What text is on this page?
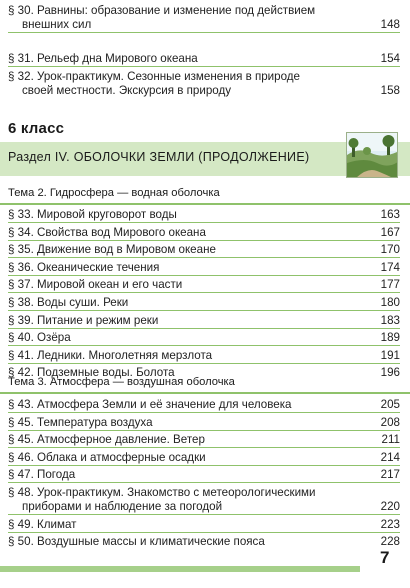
§ 30. Равнины: образование и изменение под действием
внешних сил	148
§ 31. Рельеф дна Мирового океана	154
§ 32. Урок-практикум. Сезонные изменения в природе
своей местности. Экскурсия в природу	158
6 класс
Раздел IV. ОБОЛОЧКИ ЗЕМЛИ (ПРОДОЛЖЕНИЕ)
Тема 2. Гидросфера — водная оболочка
§ 33. Мировой круговорот воды	163
§ 34. Свойства вод Мирового океана	167
§ 35. Движение вод в Мировом океане	170
§ 36. Океанические течения	174
§ 37. Мировой океан и его части	177
§ 38. Воды суши. Реки	180
§ 39. Питание и режим реки	183
§ 40. Озёра	189
§ 41. Ледники. Многолетняя мерзлота	191
§ 42. Подземные воды. Болота	196
Тема 3. Атмосфера — воздушная оболочка
§ 43. Атмосфера Земли и её значение для человека	205
§ 45. Температура воздуха	208
§ 45. Атмосферное давление. Ветер	211
§ 46. Облака и атмосферные осадки	214
§ 47. Погода	217
§ 48. Урок-практикум. Знакомство с метеорологическими
приборами и наблюдение за погодой	220
§ 49. Климат	223
§ 50. Воздушные массы и климатические пояса	228
7
